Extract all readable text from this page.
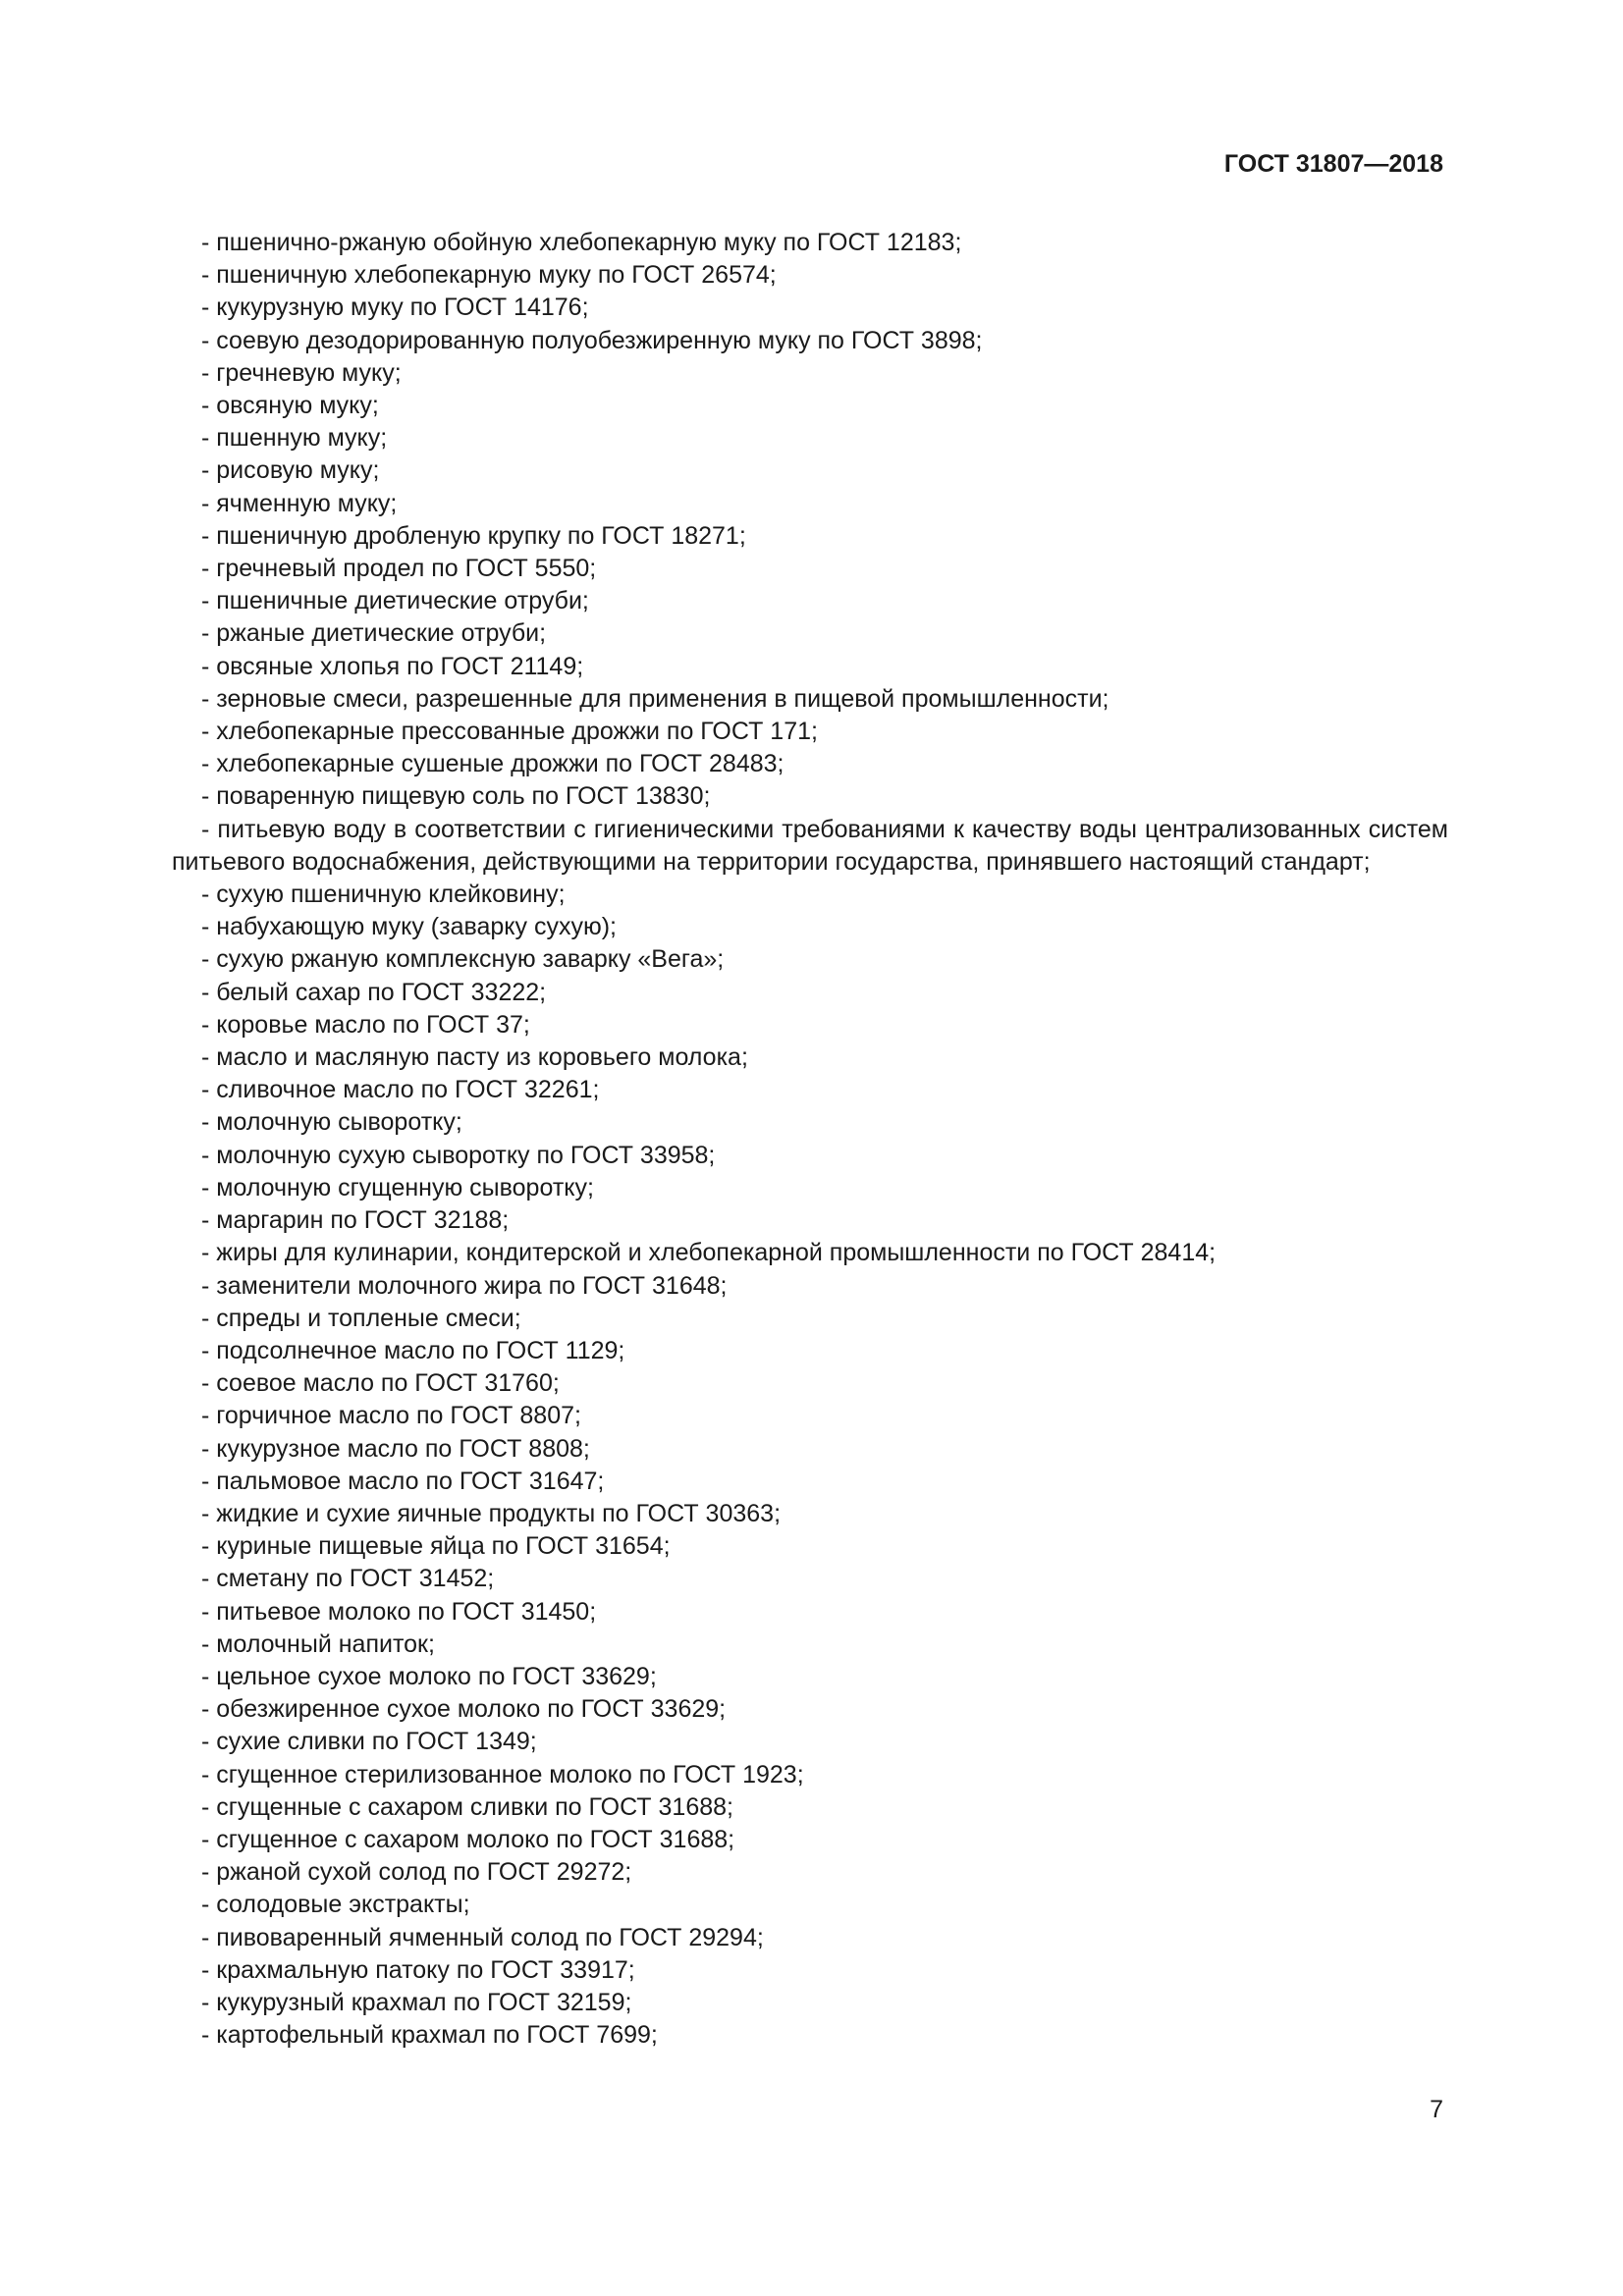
ГОСТ 31807—2018
- пшенично-ржаную обойную хлебопекарную муку по ГОСТ 12183;
- пшеничную хлебопекарную муку по ГОСТ 26574;
- кукурузную муку по ГОСТ 14176;
- соевую дезодорированную полуобезжиренную муку по ГОСТ 3898;
- гречневую муку;
- овсяную муку;
- пшенную муку;
- рисовую муку;
- ячменную муку;
- пшеничную дробленую крупку по ГОСТ 18271;
- гречневый продел по ГОСТ 5550;
- пшеничные диетические отруби;
- ржаные диетические отруби;
- овсяные хлопья по ГОСТ 21149;
- зерновые смеси, разрешенные для применения в пищевой промышленности;
- хлебопекарные прессованные дрожжи по ГОСТ 171;
- хлебопекарные сушеные дрожжи по ГОСТ 28483;
- поваренную пищевую соль по ГОСТ 13830;
- питьевую воду в соответствии с гигиеническими требованиями к качеству воды централизованных систем питьевого водоснабжения, действующими на территории государства, принявшего настоящий стандарт;
- сухую пшеничную клейковину;
- набухающую муку (заварку сухую);
- сухую ржаную комплексную заварку «Вега»;
- белый сахар по ГОСТ 33222;
- коровье масло по ГОСТ 37;
- масло и масляную пасту из коровьего молока;
- сливочное масло по ГОСТ 32261;
- молочную сыворотку;
- молочную сухую сыворотку по ГОСТ 33958;
- молочную сгущенную сыворотку;
- маргарин по ГОСТ 32188;
- жиры для кулинарии, кондитерской и хлебопекарной промышленности по ГОСТ 28414;
- заменители молочного жира по ГОСТ 31648;
- спреды и топленые смеси;
- подсолнечное масло по ГОСТ 1129;
- соевое масло по ГОСТ 31760;
- горчичное масло по ГОСТ 8807;
- кукурузное масло по ГОСТ 8808;
- пальмовое масло по ГОСТ 31647;
- жидкие и сухие яичные продукты по ГОСТ 30363;
- куриные пищевые яйца по ГОСТ 31654;
- сметану по ГОСТ 31452;
- питьевое молоко по ГОСТ 31450;
- молочный напиток;
- цельное сухое молоко по ГОСТ 33629;
- обезжиренное сухое молоко по ГОСТ 33629;
- сухие сливки по ГОСТ 1349;
- сгущенное стерилизованное молоко по ГОСТ 1923;
- сгущенные с сахаром сливки по ГОСТ 31688;
- сгущенное с сахаром молоко по ГОСТ 31688;
- ржаной сухой солод по ГОСТ 29272;
- солодовые экстракты;
- пивоваренный ячменный солод по ГОСТ 29294;
- крахмальную патоку по ГОСТ 33917;
- кукурузный крахмал по ГОСТ 32159;
- картофельный крахмал по ГОСТ 7699;
7
